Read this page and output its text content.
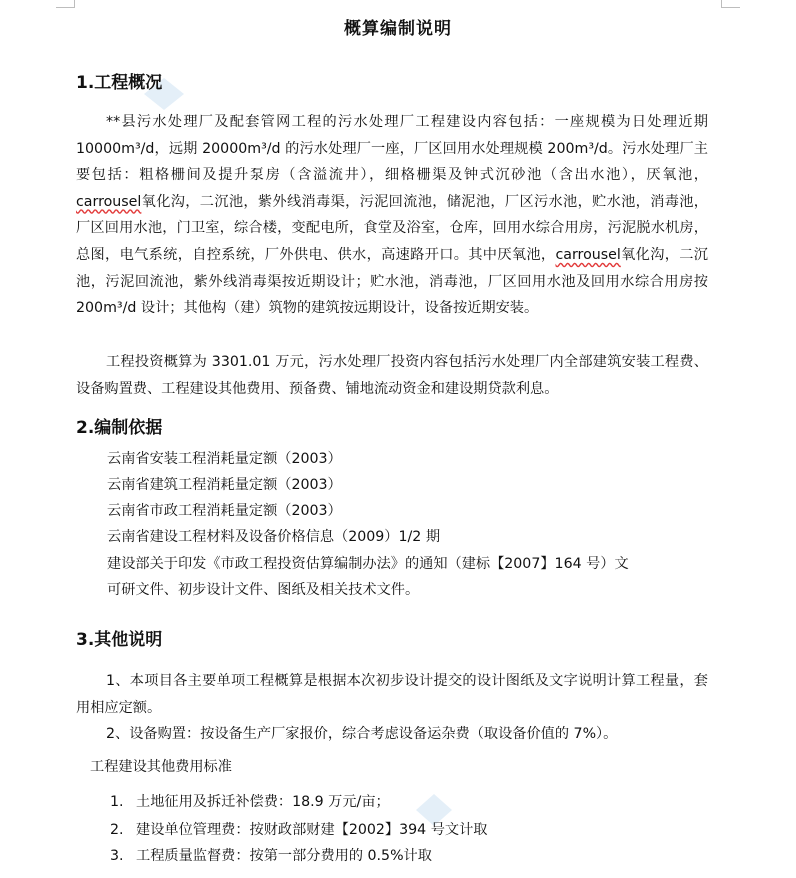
概算编制说明
1.工程概况
**县污水处理厂及配套管网工程的污水处理厂工程建设内容包括：一座规模为日处理近期 10000m³/d，远期 20000m³/d 的污水处理厂一座，厂区回用水处理规模 200m³/d。污水处理厂主要包括：粗格栅间及提升泵房（含溢流井），细格栅渠及钟式沉砂池（含出水池），厌氧池，carrousel氧化沟，二沉池，紫外线消毒渠，污泥回流池，储泥池，厂区污水池，贮水池，消毒池，厂区回用水池，门卫室，综合楼，变配电所，食堂及浴室，仓库，回用水综合用房，污泥脱水机房，总图，电气系统，自控系统，厂外供电、供水，高速路开口。其中厌氧池，carrousel氧化沟，二沉池，污泥回流池，紫外线消毒渠按近期设计；贮水池，消毒池，厂区回用水池及回用水综合用房按 200m³/d 设计；其他构（建）筑物的建筑按远期设计，设备按近期安装。
工程投资概算为 3301.01 万元，污水处理厂投资内容包括污水处理厂内全部建筑安装工程费、设备购置费、工程建设其他费用、预备费、铺地流动资金和建设期贷款利息。
2.编制依据
云南省安装工程消耗量定额（2003）
云南省建筑工程消耗量定额（2003）
云南省市政工程消耗量定额（2003）
云南省建设工程材料及设备价格信息（2009）1/2 期
建设部关于印发《市政工程投资估算编制办法》的通知（建标【2007】164 号）文
可研文件、初步设计文件、图纸及相关技术文件。
3.其他说明
1、本项目各主要单项工程概算是根据本次初步设计提交的设计图纸及文字说明计算工程量，套用相应定额。
2、设备购置：按设备生产厂家报价，综合考虑设备运杂费（取设备价值的 7%）。
工程建设其他费用标准
1. 土地征用及拆迁补偿费：18.9 万元/亩；
2. 建设单位管理费：按财政部财建【2002】394 号文计取
3. 工程质量监督费：按第一部分费用的 0.5%计取
